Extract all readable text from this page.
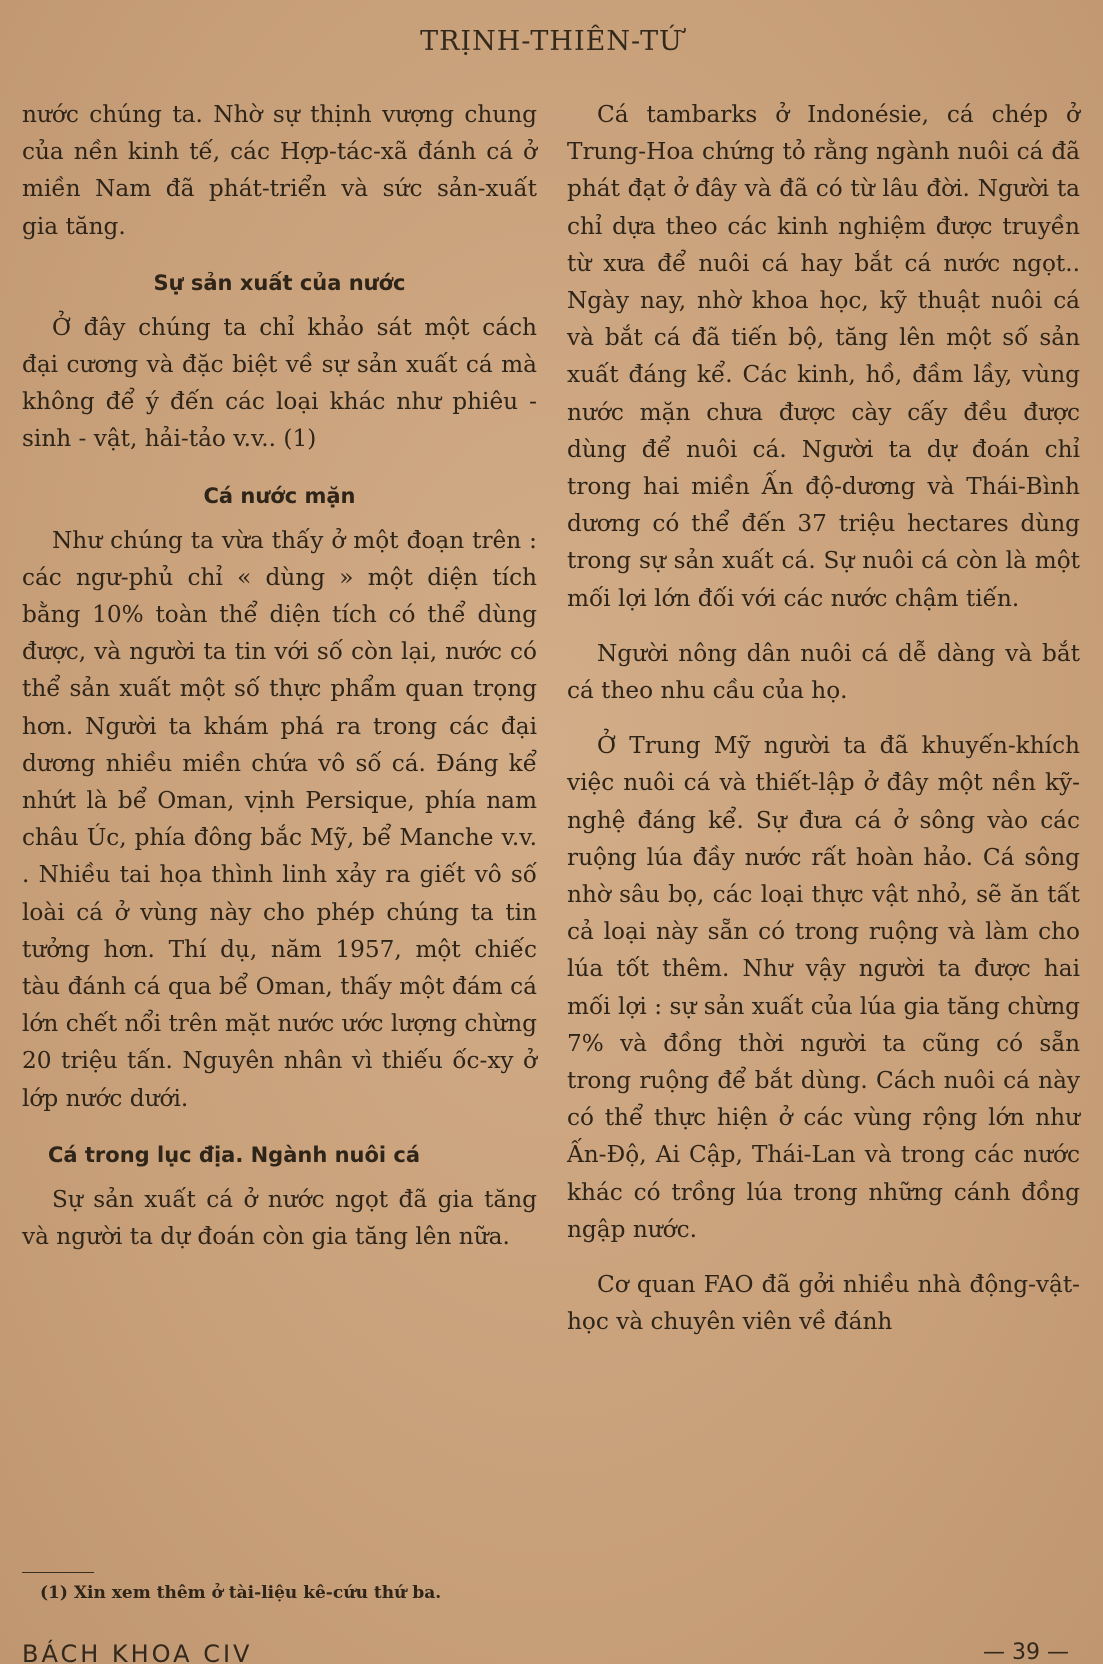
TRỊNH-THIÊN-TỨ

nước chúng ta. Nhờ sự thịnh vượng chung của nền kinh tế, các Hợp-tác-xã đánh cá ở miền Nam đã phát-triển và sức sản-xuất gia tăng.

Sự sản xuất của nước

Ở đây chúng ta chỉ khảo sát một cách đại cương và đặc biệt về sự sản xuất cá mà không để ý đến các loại khác như phiêu - sinh - vật, hải-tảo v.v.. (1)

Cá nước mặn

Như chúng ta vừa thấy ở một đoạn trên : các ngư-phủ chỉ « dùng » một diện tích bằng 10% toàn thể diện tích có thể dùng được, và người ta tin với số còn lại, nước có thể sản xuất một số thực phẩm quan trọng hơn. Người ta khám phá ra trong các đại dương nhiều miền chứa vô số cá. Đáng kể nhứt là bể Oman, vịnh Persique, phía nam châu Úc, phía đông bắc Mỹ, bể Manche v.v. . Nhiều tai họa thình linh xảy ra giết vô số loài cá ở vùng này cho phép chúng ta tin tưởng hơn. Thí dụ, năm 1957, một chiếc tàu đánh cá qua bể Oman, thấy một đám cá lớn chết nổi trên mặt nước ước lượng chừng 20 triệu tấn. Nguyên nhân vì thiếu ốc-xy ở lớp nước dưới.

Cá trong lục địa. Ngành nuôi cá

Sự sản xuất cá ở nước ngọt đã gia tăng và người ta dự đoán còn gia tăng lên nữa.

Cá tambarks ở Indonésie, cá chép ở Trung-Hoa chứng tỏ rằng ngành nuôi cá đã phát đạt ở đây và đã có từ lâu đời. Người ta chỉ dựa theo các kinh nghiệm được truyền từ xưa để nuôi cá hay bắt cá nước ngọt.. Ngày nay, nhờ khoa học, kỹ thuật nuôi cá và bắt cá đã tiến bộ, tăng lên một số sản xuất đáng kể. Các kinh, hồ, đầm lầy, vùng nước mặn chưa được cày cấy đều được dùng để nuôi cá. Người ta dự đoán chỉ trong hai miền Ấn độ-dương và Thái-Bình dương có thể đến 37 triệu hectares dùng trong sự sản xuất cá. Sự nuôi cá còn là một mối lợi lớn đối với các nước chậm tiến.

Người nông dân nuôi cá dễ dàng và bắt cá theo nhu cầu của họ.

Ở Trung Mỹ người ta đã khuyến-khích việc nuôi cá và thiết-lập ở đây một nền kỹ-nghệ đáng kể. Sự đưa cá ở sông vào các ruộng lúa đầy nước rất hoàn hảo. Cá sông nhờ sâu bọ, các loại thực vật nhỏ, sẽ ăn tất cả loại này sẵn có trong ruộng và làm cho lúa tốt thêm. Như vậy người ta được hai mối lợi : sự sản xuất của lúa gia tăng chừng 7% và đồng thời người ta cũng có sẵn trong ruộng để bắt dùng. Cách nuôi cá này có thể thực hiện ở các vùng rộng lớn như Ấn-Độ, Ai Cập, Thái-Lan và trong các nước khác có trồng lúa trong những cánh đồng ngập nước.

Cơ quan FAO đã gởi nhiều nhà động-vật-học và chuyên viên về đánh

(1) Xin xem thêm ở tài-liệu kê-cứu thứ ba.
BÁCH KHOA CIV	— 39 —
